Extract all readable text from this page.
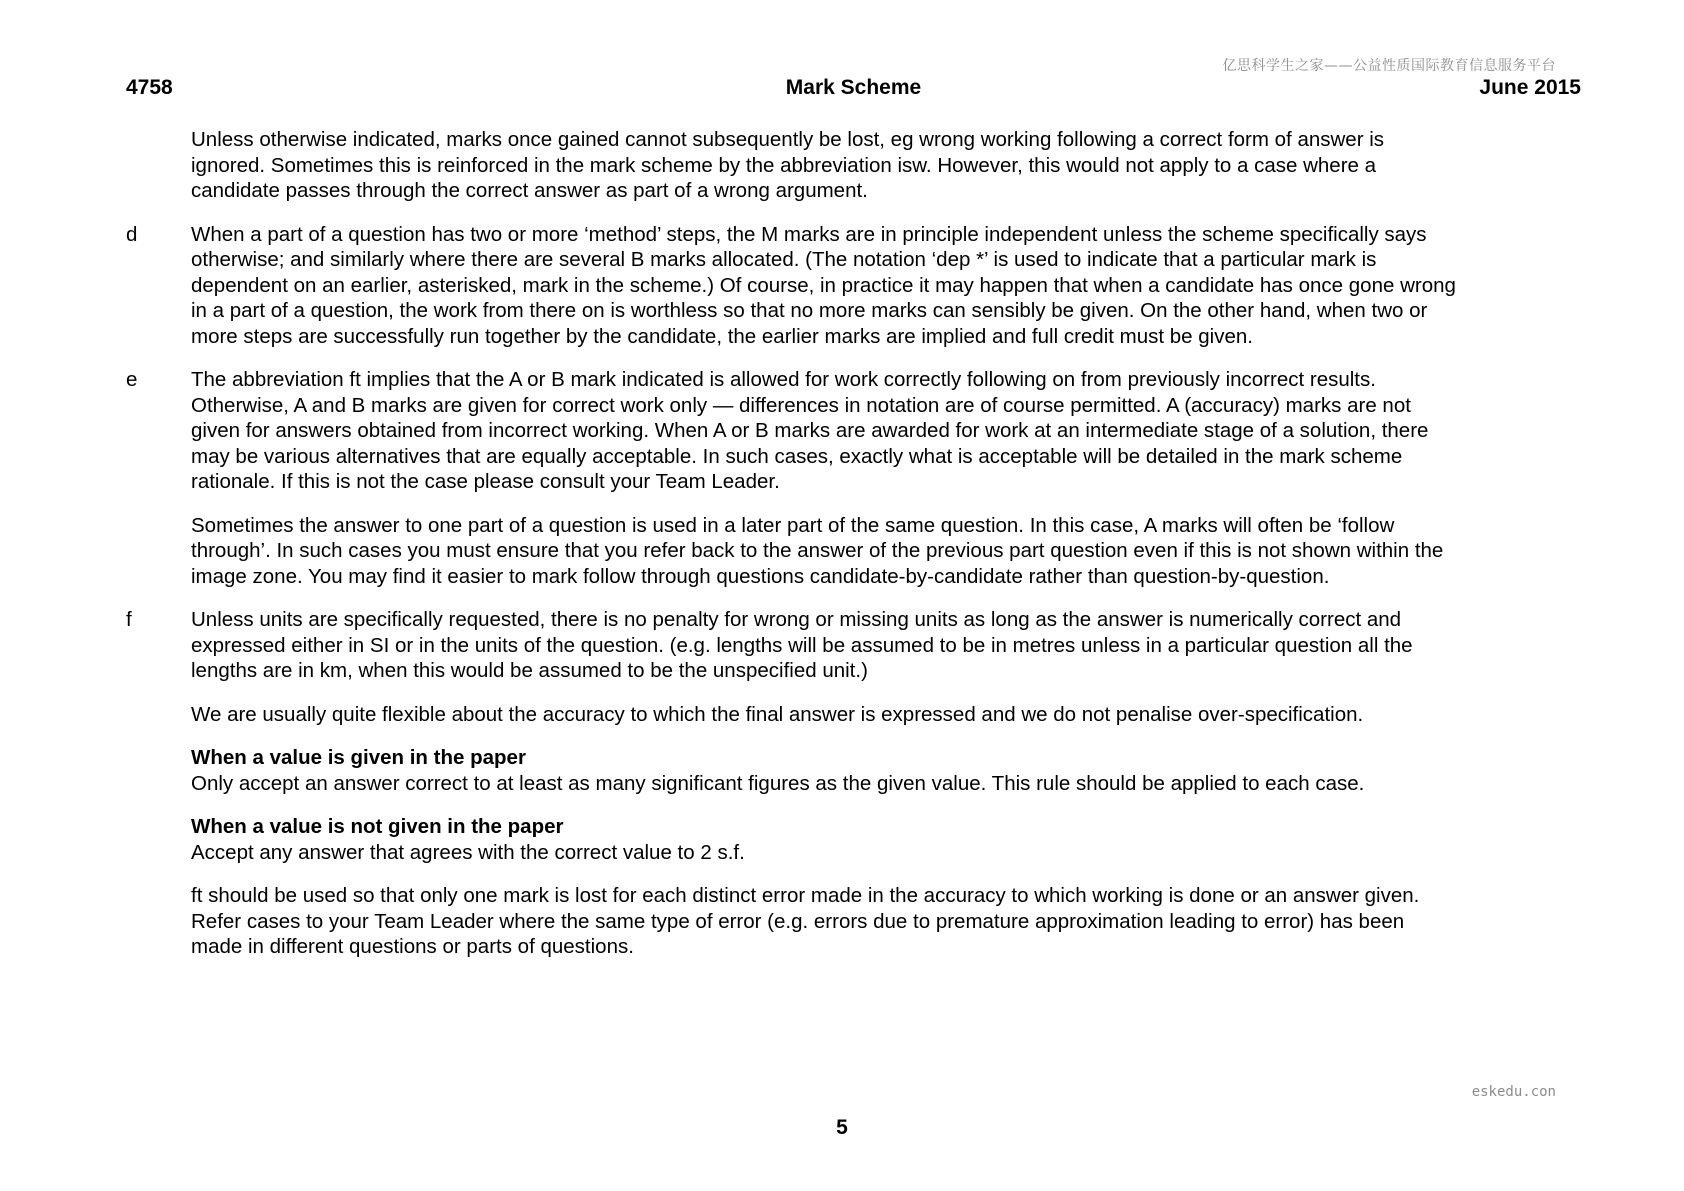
亿思科学生之家——公益性质国际教育信息服务平台
4758	Mark Scheme	June 2015

Unless otherwise indicated, marks once gained cannot subsequently be lost, eg wrong working following a correct form of answer is ignored. Sometimes this is reinforced in the mark scheme by the abbreviation isw. However, this would not apply to a case where a candidate passes through the correct answer as part of a wrong argument.

d	When a part of a question has two or more ‘method’ steps, the M marks are in principle independent unless the scheme specifically says otherwise; and similarly where there are several B marks allocated. (The notation ‘dep *’ is used to indicate that a particular mark is dependent on an earlier, asterisked, mark in the scheme.) Of course, in practice it may happen that when a candidate has once gone wrong in a part of a question, the work from there on is worthless so that no more marks can sensibly be given. On the other hand, when two or more steps are successfully run together by the candidate, the earlier marks are implied and full credit must be given.

e	The abbreviation ft implies that the A or B mark indicated is allowed for work correctly following on from previously incorrect results. Otherwise, A and B marks are given for correct work only — differences in notation are of course permitted. A (accuracy) marks are not given for answers obtained from incorrect working. When A or B marks are awarded for work at an intermediate stage of a solution, there may be various alternatives that are equally acceptable. In such cases, exactly what is acceptable will be detailed in the mark scheme rationale. If this is not the case please consult your Team Leader.

Sometimes the answer to one part of a question is used in a later part of the same question. In this case, A marks will often be ‘follow through’. In such cases you must ensure that you refer back to the answer of the previous part question even if this is not shown within the image zone. You may find it easier to mark follow through questions candidate-by-candidate rather than question-by-question.

f	Unless units are specifically requested, there is no penalty for wrong or missing units as long as the answer is numerically correct and expressed either in SI or in the units of the question. (e.g. lengths will be assumed to be in metres unless in a particular question all the lengths are in km, when this would be assumed to be the unspecified unit.)

We are usually quite flexible about the accuracy to which the final answer is expressed and we do not penalise over-specification.

When a value is given in the paper
Only accept an answer correct to at least as many significant figures as the given value. This rule should be applied to each case.

When a value is not given in the paper
Accept any answer that agrees with the correct value to 2 s.f.

ft should be used so that only one mark is lost for each distinct error made in the accuracy to which working is done or an answer given. Refer cases to your Team Leader where the same type of error (e.g. errors due to premature approximation leading to error) has been made in different questions or parts of questions.

eskedu.con
5
